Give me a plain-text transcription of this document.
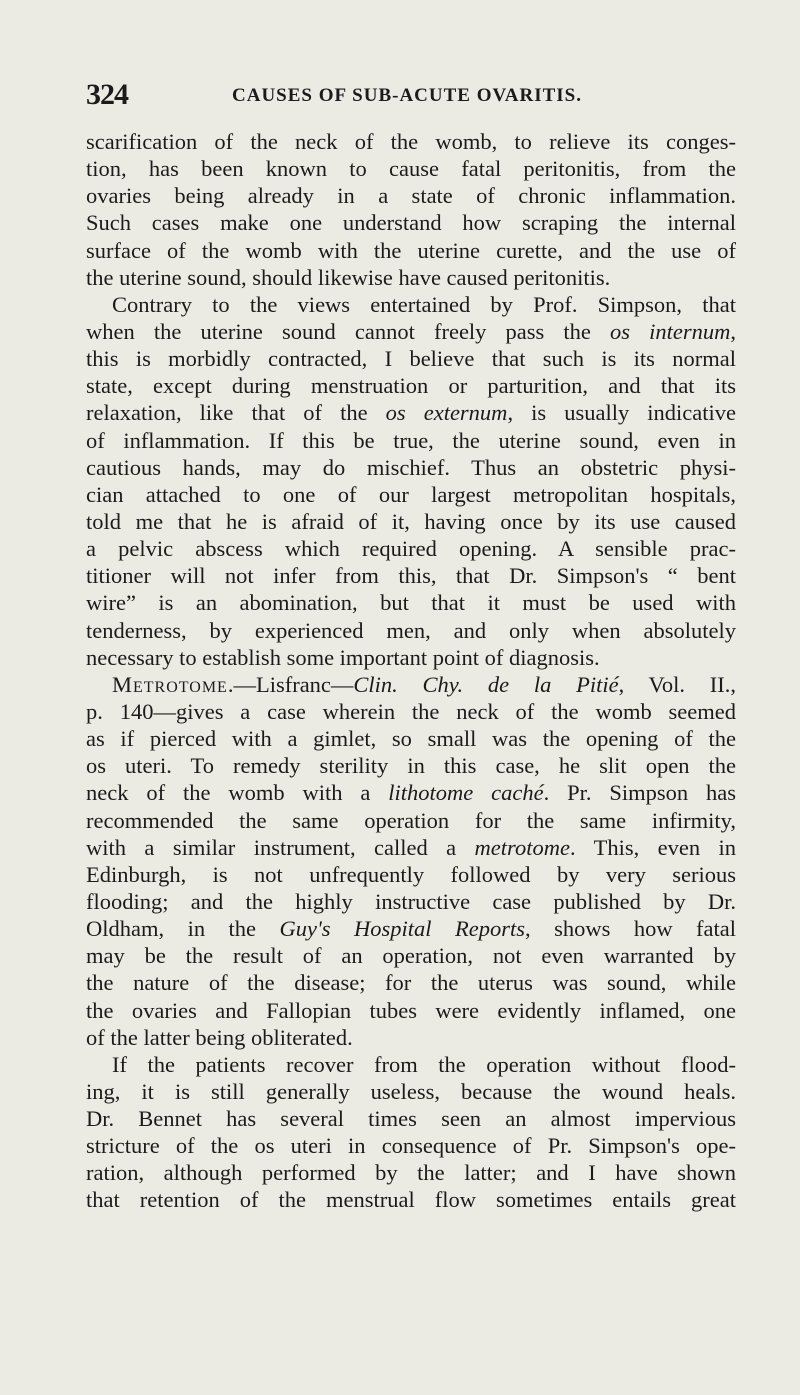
324	CAUSES OF SUB-ACUTE OVARITIS.
scarification of the neck of the womb, to relieve its conges-
tion, has been known to cause fatal peritonitis, from the
ovaries being already in a state of chronic inflammation.
Such cases make one understand how scraping the internal
surface of the womb with the uterine curette, and the use of
the uterine sound, should likewise have caused peritonitis.
Contrary to the views entertained by Prof. Simpson, that
when the uterine sound cannot freely pass the os internum,
this is morbidly contracted, I believe that such is its normal
state, except during menstruation or parturition, and that its
relaxation, like that of the os externum, is usually indicative
of inflammation. If this be true, the uterine sound, even in
cautious hands, may do mischief. Thus an obstetric physi-
cian attached to one of our largest metropolitan hospitals,
told me that he is afraid of it, having once by its use caused
a pelvic abscess which required opening. A sensible prac-
titioner will not infer from this, that Dr. Simpson's “ bent
wire” is an abomination, but that it must be used with
tenderness, by experienced men, and only when absolutely
necessary to establish some important point of diagnosis.
Metrotome.—Lisfranc—Clin. Chy. de la Pitié, Vol. II.,
p. 140—gives a case wherein the neck of the womb seemed
as if pierced with a gimlet, so small was the opening of the
os uteri. To remedy sterility in this case, he slit open the
neck of the womb with a lithotome caché. Pr. Simpson has
recommended the same operation for the same infirmity,
with a similar instrument, called a metrotome. This, even in
Edinburgh, is not unfrequently followed by very serious
flooding; and the highly instructive case published by Dr.
Oldham, in the Guy's Hospital Reports, shows how fatal
may be the result of an operation, not even warranted by
the nature of the disease; for the uterus was sound, while
the ovaries and Fallopian tubes were evidently inflamed, one
of the latter being obliterated.
If the patients recover from the operation without flood-
ing, it is still generally useless, because the wound heals.
Dr. Bennet has several times seen an almost impervious
stricture of the os uteri in consequence of Pr. Simpson's ope-
ration, although performed by the latter; and I have shown
that retention of the menstrual flow sometimes entails great
